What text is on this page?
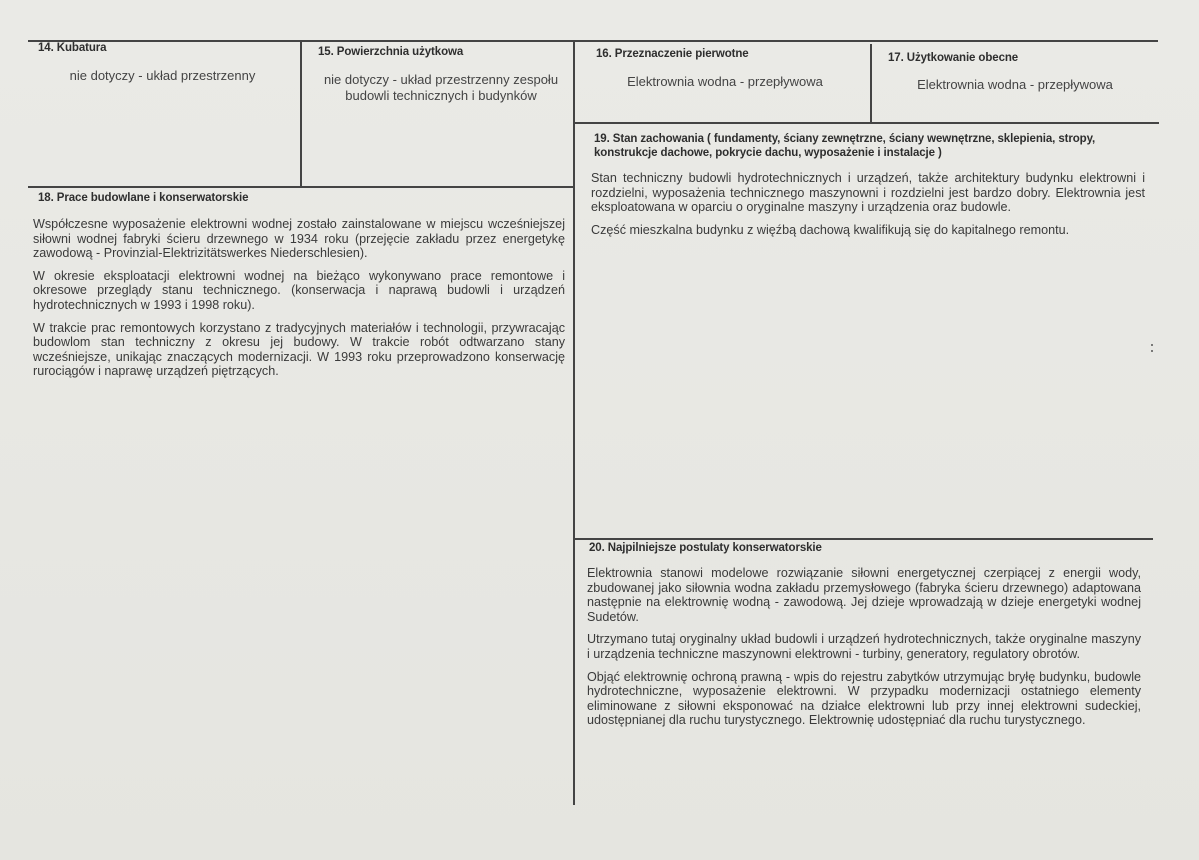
14. Kubatura
nie dotyczy - układ przestrzenny
15. Powierzchnia użytkowa
nie dotyczy - układ przestrzenny zespołu budowli technicznych i budynków
16. Przeznaczenie pierwotne
Elektrownia wodna - przepływowa
17. Użytkowanie obecne
Elektrownia wodna - przepływowa
18. Prace budowlane i konserwatorskie

Współczesne wyposażenie elektrowni wodnej zostało zainstalowane w miejscu wcześniejszej siłowni wodnej fabryki ścieru drzewnego w 1934 roku (przejęcie zakładu przez energetykę zawodową - Provinzial-Elektrizitätswerkes Niederschlesien).

W okresie eksploatacji elektrowni wodnej na bieżąco wykonywano prace remontowe i okresowe przeglądy stanu technicznego. (konserwacja i naprawą budowli i urządzeń hydrotechnicznych w 1993 i 1998 roku).

W trakcie prac remontowych korzystano z tradycyjnych materiałów i technologii, przywracając budowlom stan techniczny z okresu jej budowy. W trakcie robót odtwarzano stany wcześniejsze, unikając znaczących modernizacji. W 1993 roku przeprowadzono konserwację rurociągów i naprawę urządzeń piętrzących.

19. Stan zachowania ( fundamenty, ściany zewnętrzne, ściany wewnętrzne, sklepienia, stropy, konstrukcje dachowe, pokrycie dachu, wyposażenie i instalacje )

Stan techniczny budowli hydrotechnicznych i urządzeń, także architektury budynku elektrowni i rozdzielni, wyposażenia technicznego maszynowni i rozdzielni jest bardzo dobry. Elektrownia jest eksploatowana w oparciu o oryginalne maszyny i urządzenia oraz budowle.

Część mieszkalna budynku z więźbą dachową kwalifikują się do kapitalnego remontu.

20. Najpilniejsze postulaty konserwatorskie

Elektrownia stanowi modelowe rozwiązanie siłowni energetycznej czerpiącej z energii wody, zbudowanej jako siłownia wodna zakładu przemysłowego (fabryka ścieru drzewnego) adaptowana następnie na elektrownię wodną - zawodową. Jej dzieje wprowadzają w dzieje energetyki wodnej Sudetów.

Utrzymano tutaj oryginalny układ budowli i urządzeń hydrotechnicznych, także oryginalne maszyny i urządzenia techniczne maszynowni elektrowni - turbiny, generatory, regulatory obrotów.

Objąć elektrownię ochroną prawną - wpis do rejestru zabytków utrzymując bryłę budynku, budowle hydrotechniczne, wyposażenie elektrowni. W przypadku modernizacji ostatniego elementy eliminowane z siłowni eksponować na działce elektrowni lub przy innej elektrowni sudeckiej, udostępnianej dla ruchu turystycznego. Elektrownię udostępniać dla ruchu turystycznego.
